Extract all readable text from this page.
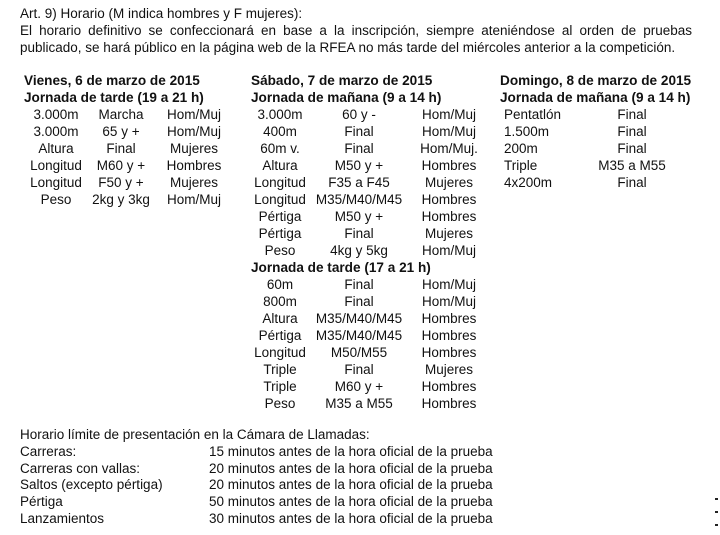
Art. 9) Horario (M indica hombres y F mujeres):

El horario definitivo se confeccionará en base a la inscripción, siempre ateniéndose al orden de pruebas publicado, se hará público en la página web de la RFEA no más tarde del miércoles anterior a la competición.

Vienes, 6 de marzo de 2015
Jornada de tarde (19 a 21 h)
3.000m	Marcha	Hom/Muj
3.000m	65 y +	Hom/Muj
Altura	Final	Mujeres
Longitud	M60 y +	Hombres
Longitud	F50 y +	Mujeres
Peso	2kg y 3kg	Hom/Muj
Sábado, 7 de marzo de 2015
Jornada de mañana (9 a 14 h)
3.000m	60 y -	Hom/Muj
400m	Final	Hom/Muj
60m v.	Final	Hom/Muj.
Altura	M50 y +	Hombres
Longitud	F35 a F45	Mujeres
Longitud M35/M40/M45	Hombres
Pértiga	M50 y +	Hombres
Pértiga	Final	Mujeres
Peso	4kg y 5kg	Hom/Muj
Jornada de tarde (17 a 21 h)
60m	Final	Hom/Muj
800m	Final	Hom/Muj
Altura	M35/M40/M45	Hombres
Pértiga	M35/M40/M45	Hombres
Longitud	M50/M55	Hombres
Triple	Final	Mujeres
Triple	M60 y +	Hombres
Peso	M35 a M55	Hombres
Domingo, 8 de marzo de 2015
Jornada de mañana (9 a 14 h)
Pentatlón	Final
1.500m	Final
200m	Final
Triple	M35 a M55
4x200m	Final
Horario límite de presentación en la Cámara de Llamadas:
Carreras:	15 minutos antes de la hora oficial de la prueba
Carreras con vallas:	20 minutos antes de la hora oficial de la prueba
Saltos (excepto pértiga)	20 minutos antes de la hora oficial de la prueba
Pértiga	50 minutos antes de la hora oficial de la prueba
Lanzamientos	30 minutos antes de la hora oficial de la prueba
